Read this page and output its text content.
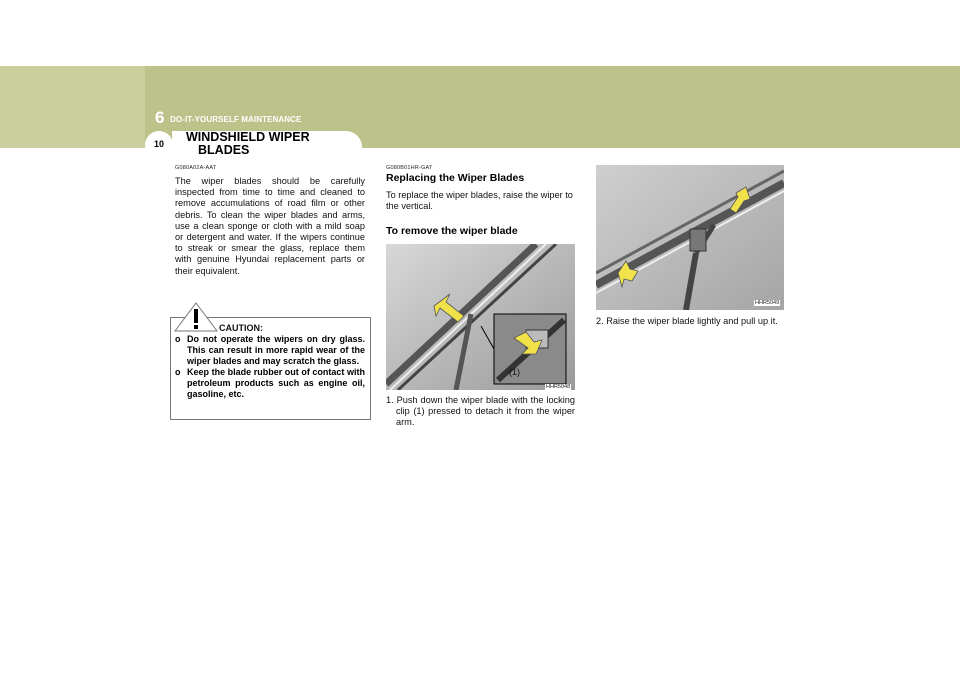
6 DO-IT-YOURSELF MAINTENANCE
10	WINDSHIELD WIPER
BLADES
G080A02A-AAT
The wiper blades should be carefully inspected from time to time and cleaned to remove accumulations of road film or other debris. To clean the wiper blades and arms, use a clean sponge or cloth with a mild soap or detergent and water. If the wipers continue to streak or smear the glass, replace them with genuine Hyundai replacement parts or their equivalent.
CAUTION:
o Do not operate the wipers on dry glass. This can result in more rapid wear of the wiper blades and may scratch the glass.
o Keep the blade rubber out of contact with petroleum products such as engine oil, gasoline, etc.
G080B01HR-GAT
Replacing the Wiper Blades
To replace the wiper blades, raise the wiper to the vertical.
To remove the wiper blade
(1)
HHR5048
1. Push down the wiper blade with the locking clip (1) pressed to detach it from the wiper arm.
HHR5049
2. Raise the wiper blade lightly and pull up it.
